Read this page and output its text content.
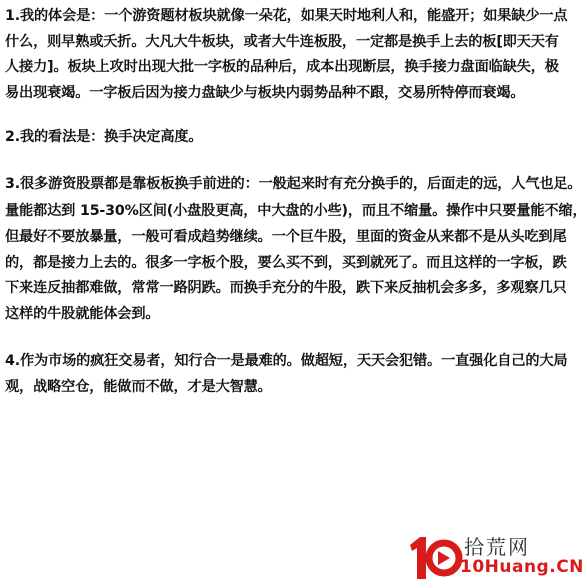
1.我的体会是：一个游资题材板块就像一朵花，如果天时地利人和，能盛开；如果缺少一点
什么，则早熟或夭折。大凡大牛板块，或者大牛连板股，一定都是换手上去的板[即天天有
人接力]。板块上攻时出现大批一字板的品种后，成本出现断层，换手接力盘面临缺失，极
易出现衰竭。一字板后因为接力盘缺少与板块内弱势品种不跟，交易所特停而衰竭。

2.我的看法是：换手决定高度。

3.很多游资股票都是靠板板换手前进的：一般起来时有充分换手的，后面走的远，人气也足。
量能都达到 15-30%区间(小盘股更高，中大盘的小些)，而且不缩量。操作中只要量能不缩，
但最好不要放暴量，一般可看成趋势继续。一个巨牛股，里面的资金从来都不是从头吃到尾
的，都是接力上去的。很多一字板个股，要么买不到，买到就死了。而且这样的一字板，跌
下来连反抽都难做，常常一路阴跌。而换手充分的牛股，跌下来反抽机会多多，多观察几只
这样的牛股就能体会到。

4.作为市场的疯狂交易者，知行合一是最难的。做超短，天天会犯错。一直强化自己的大局
观，战略空仓，能做而不做，才是大智慧。

拾荒网
10Huang.CN
